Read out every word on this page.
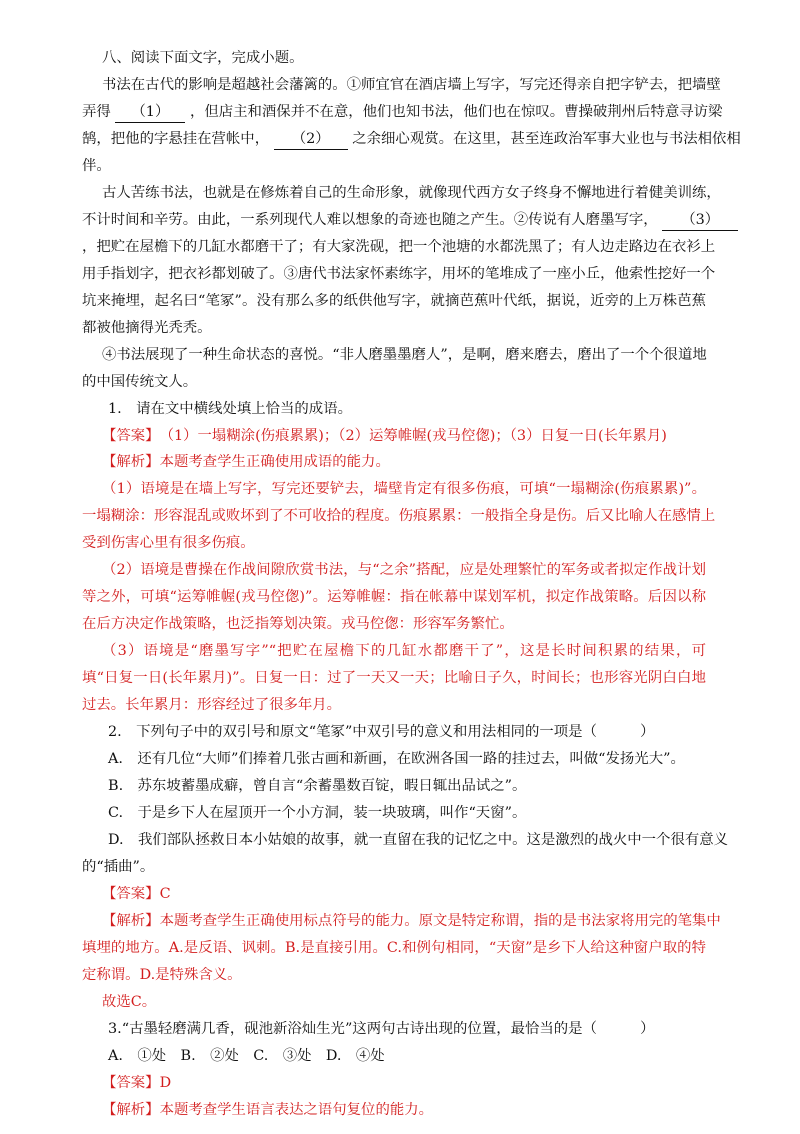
八、阅读下面文字，完成小题。
书法在古代的影响是超越社会藩篱的。①师宜官在酒店墙上写字，写完还得亲自把字铲去，把墙壁
弄得 （1） ，但店主和酒保并不在意，他们也知书法，他们也在惊叹。曹操破荆州后特意寻访梁
鹄，把他的字悬挂在营帐中， （2） 之余细心观赏。在这里，甚至连政治军事大业也与书法相依相
伴。
古人苦练书法，也就是在修炼着自己的生命形象，就像现代西方女子终身不懈地进行着健美训练，
不计时间和辛劳。由此，一系列现代人难以想象的奇迹也随之产生。②传说有人磨墨写字， （3）
，把贮在屋檐下的几缸水都磨干了；有大家洗砚，把一个池塘的水都洗黑了；有人边走路边在衣衫上
用手指划字，把衣衫都划破了。③唐代书法家怀素练字，用坏的笔堆成了一座小丘，他索性挖好一个
坑来掩埋，起名曰“笔冢”。没有那么多的纸供他写字，就摘芭蕉叶代纸，据说，近旁的上万株芭蕉
都被他摘得光秃秃。
④书法展现了一种生命状态的喜悦。“非人磨墨墨磨人”，是啊，磨来磨去，磨出了一个个很道地
的中国传统文人。
1.　请在文中横线处填上恰当的成语。
【答案】　（1）一塌糊涂(伤痕累累)；（2）运筹帷幄(戎马倥偬)；（3）日复一日(长年累月)
【解析】本题考查学生正确使用成语的能力。
（1）语境是在墙上写字，写完还要铲去，墙壁肯定有很多伤痕，可填“一塌糊涂(伤痕累累)”。
一塌糊涂：形容混乱或败坏到了不可收拾的程度。伤痕累累：一般指全身是伤。后又比喻人在感情上
受到伤害心里有很多伤痕。
（2）语境是曹操在作战间隙欣赏书法，与“之余”搭配，应是处理繁忙的军务或者拟定作战计划
等之外，可填“运筹帷幄(戎马倥偬)”。运筹帷幄：指在帐幕中谋划军机，拟定作战策略。后因以称
在后方决定作战策略，也泛指筹划决策。戎马倥偬：形容军务繁忙。
（3）语境是“磨墨写字”“把贮在屋檐下的几缸水都磨干了”，这是长时间积累的结果，可
填“日复一日(长年累月)”。日复一日：过了一天又一天；比喻日子久，时间长；也形容光阴白白地
过去。长年累月：形容经过了很多年月。
2.　下列句子中的双引号和原文“笔冢”中双引号的意义和用法相同的一项是（　　　）
A.　还有几位“大师”们捧着几张古画和新画，在欧洲各国一路的挂过去，叫做“发扬光大”。
B.　苏东坡蓄墨成癖，曾自言“余蓄墨数百锭，暇日辄出品试之”。
C.　于是乡下人在屋顶开一个小方洞，装一块玻璃，叫作“天窗”。
D.　我们部队拯救日本小姑娘的故事，就一直留在我的记忆之中。这是激烈的战火中一个很有意义
的“插曲”。
【答案】C
【解析】本题考查学生正确使用标点符号的能力。原文是特定称谓，指的是书法家将用完的笔集中
填埋的地方。A.是反语、讽刺。B.是直接引用。C.和例句相同，“天窗”是乡下人给这种窗户取的特
定称谓。D.是特殊含义。
故选C。
3.“古墨轻磨满几香，砚池新浴灿生光”这两句古诗出现的位置，最恰当的是（　　　）
A.　①处　B.　②处　C.　③处　D.　④处
【答案】D
【解析】本题考查学生语言表达之语句复位的能力。
